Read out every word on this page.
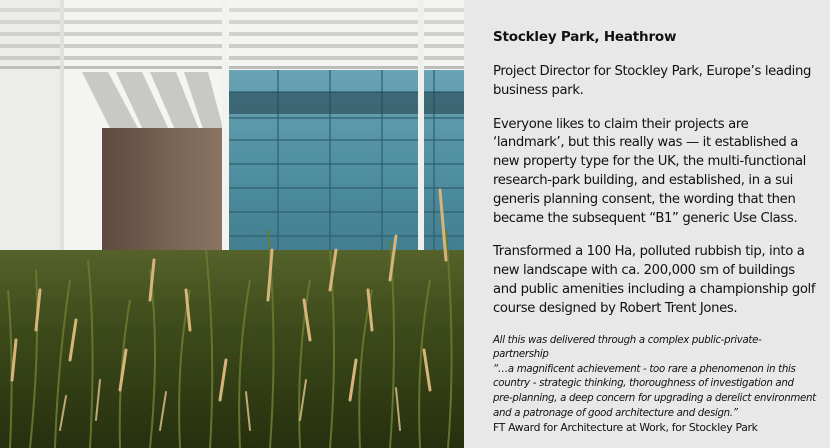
Stockley Park, Heathrow

Project Director for Stockley Park, Europe’s leading business park.

Everyone likes to claim their projects are ‘landmark’, but this really was — it established a new property type for the UK, the multi-functional research-park building, and established, in a sui generis planning consent, the wording that then became the subsequent “B1” generic Use Class.

Transformed a 100 Ha, polluted rubbish tip, into a new landscape with ca. 200,000 sm of buildings and public amenities including a championship golf course designed by Robert Trent Jones.

All this was delivered through a complex public-private-partnership
“…a magnificent achievement - too rare a phenomenon in this country - strategic thinking, thoroughness of investigation and pre-planning, a deep concern for upgrading a derelict environment and a patronage of good architecture and design.”
FT Award for Architecture at Work, for Stockley Park
